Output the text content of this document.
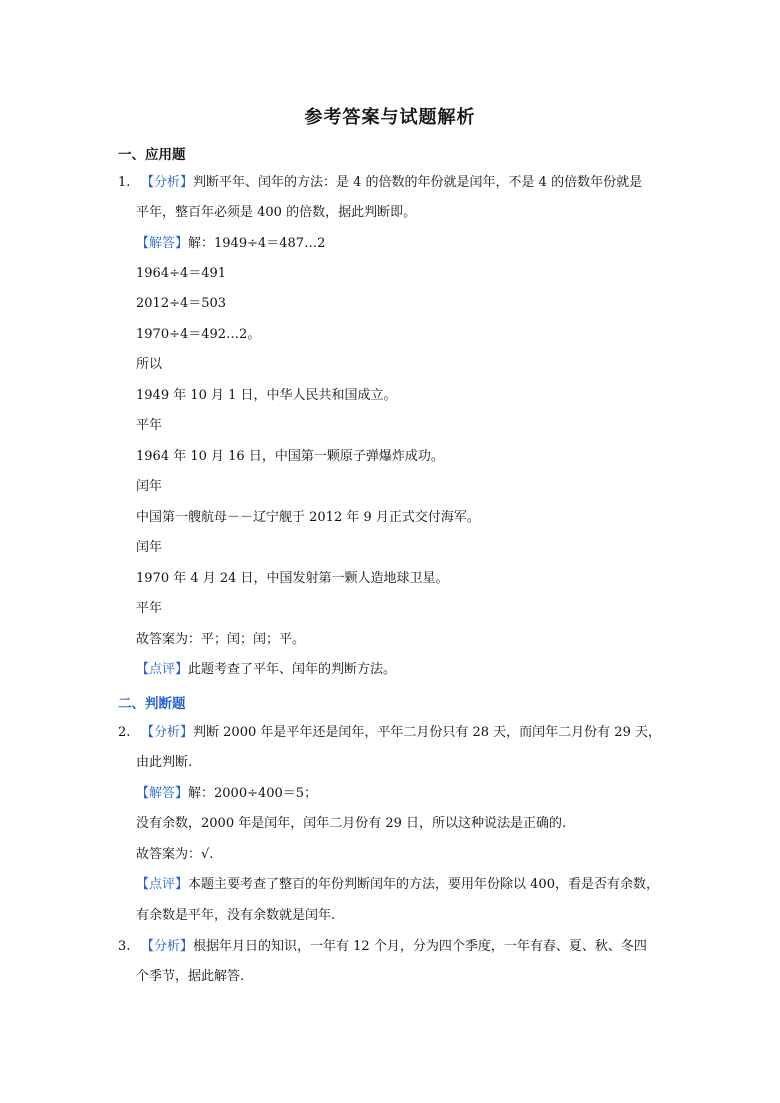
参考答案与试题解析
一、应用题
1. 【分析】判断平年、闰年的方法：是 4 的倍数的年份就是闰年，不是 4 的倍数年份就是
平年，整百年必须是 400 的倍数，据此判断即。
【解答】解：1949÷4＝487…2
1964÷4＝491
2012÷4＝503
1970÷4＝492…2。
所以
1949 年 10 月 1 日，中华人民共和国成立。
平年
1964 年 10 月 16 日，中国第一颗原子弹爆炸成功。
闰年
中国第一艘航母－－辽宁舰于 2012 年 9 月正式交付海军。
闰年
1970 年 4 月 24 日，中国发射第一颗人造地球卫星。
平年
故答案为：平；闰；闰；平。
【点评】此题考查了平年、闰年的判断方法。
二、判断题
2. 【分析】判断 2000 年是平年还是闰年，平年二月份只有 28 天，而闰年二月份有 29 天，
由此判断.
【解答】解：2000÷400＝5；
没有余数，2000 年是闰年，闰年二月份有 29 日，所以这种说法是正确的.
故答案为：√.
【点评】本题主要考查了整百的年份判断闰年的方法，要用年份除以 400，看是否有余数，
有余数是平年，没有余数就是闰年.
3. 【分析】根据年月日的知识，一年有 12 个月，分为四个季度，一年有春、夏、秋、冬四
个季节，据此解答.
